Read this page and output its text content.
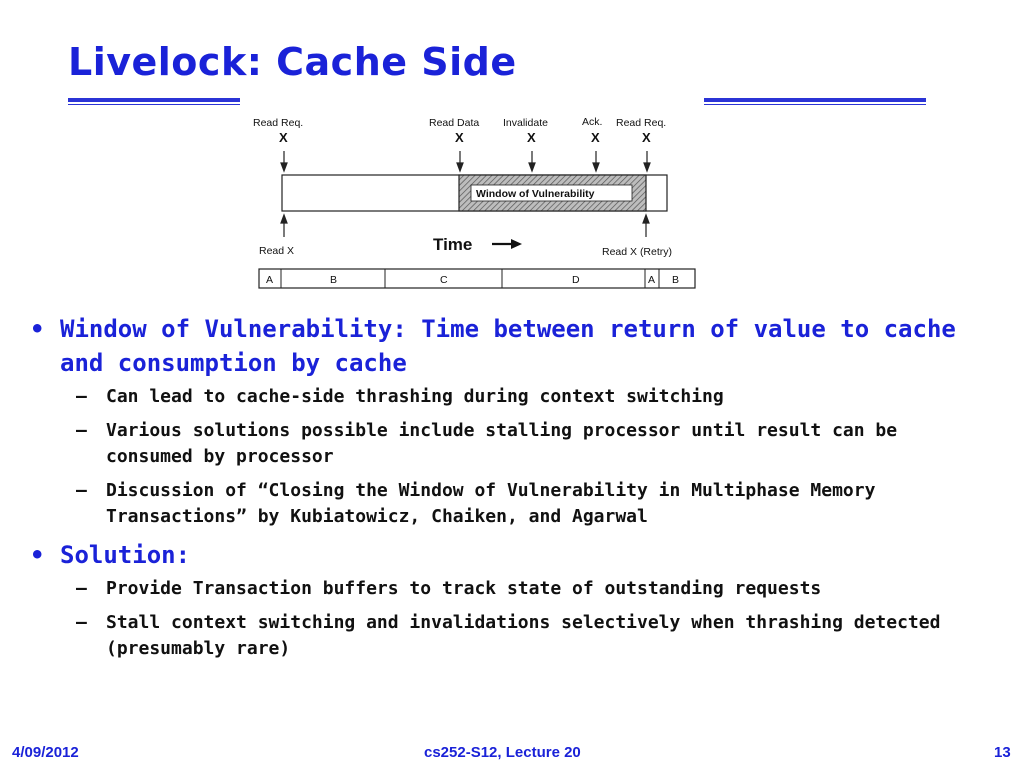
Livelock: Cache Side
Read Req.	Read Data Invalidate	Ack. Read Req.
X	X	X	X	X
Window of Vulnerability
Read X	Time	Read X (Retry)
A	B	C	D	A B
• Window of Vulnerability: Time between return of value to cache and consumption by cache
– Can lead to cache-side thrashing during context switching
– Various solutions possible include stalling processor until result can be consumed by processor
– Discussion of “Closing the Window of Vulnerability in Multiphase Memory Transactions” by Kubiatowicz, Chaiken, and Agarwal
• Solution:
– Provide Transaction buffers to track state of outstanding requests
– Stall context switching and invalidations selectively when thrashing detected (presumably rare)
4/09/2012	cs252-S12, Lecture 20	13
